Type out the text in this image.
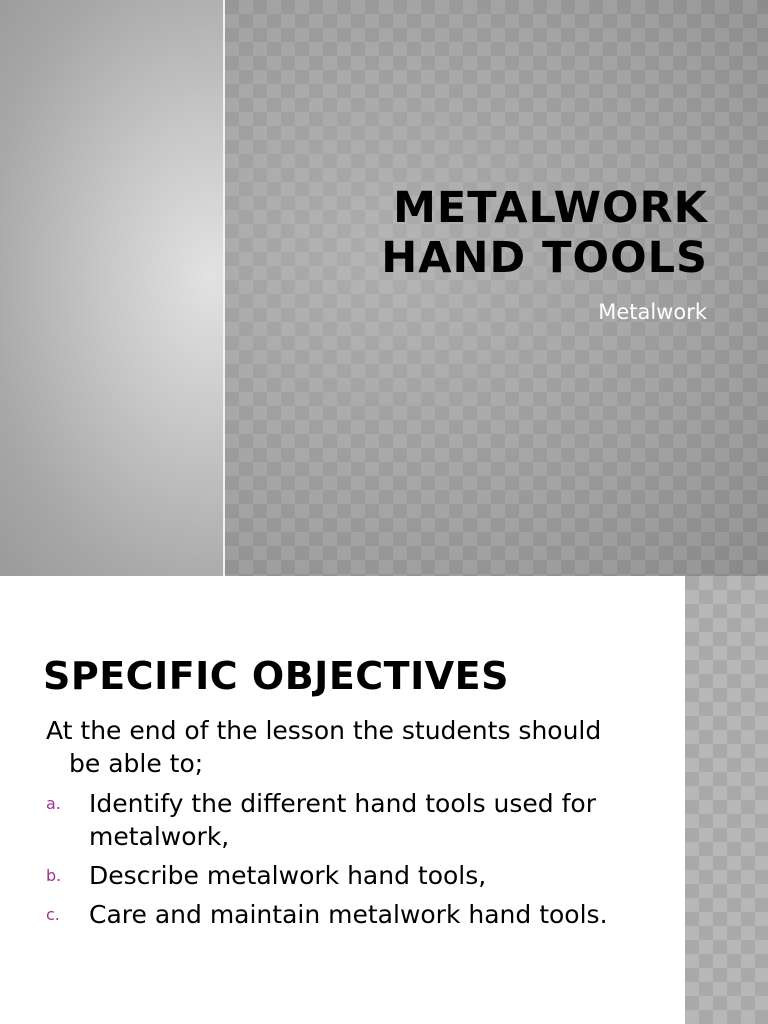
METALWORK
HAND TOOLS
Metalwork
SPECIFIC OBJECTIVES

At the end of the lesson the students should be able to;

a. Identify the different hand tools used for metalwork,
b. Describe metalwork hand tools,
c. Care and maintain metalwork hand tools.
